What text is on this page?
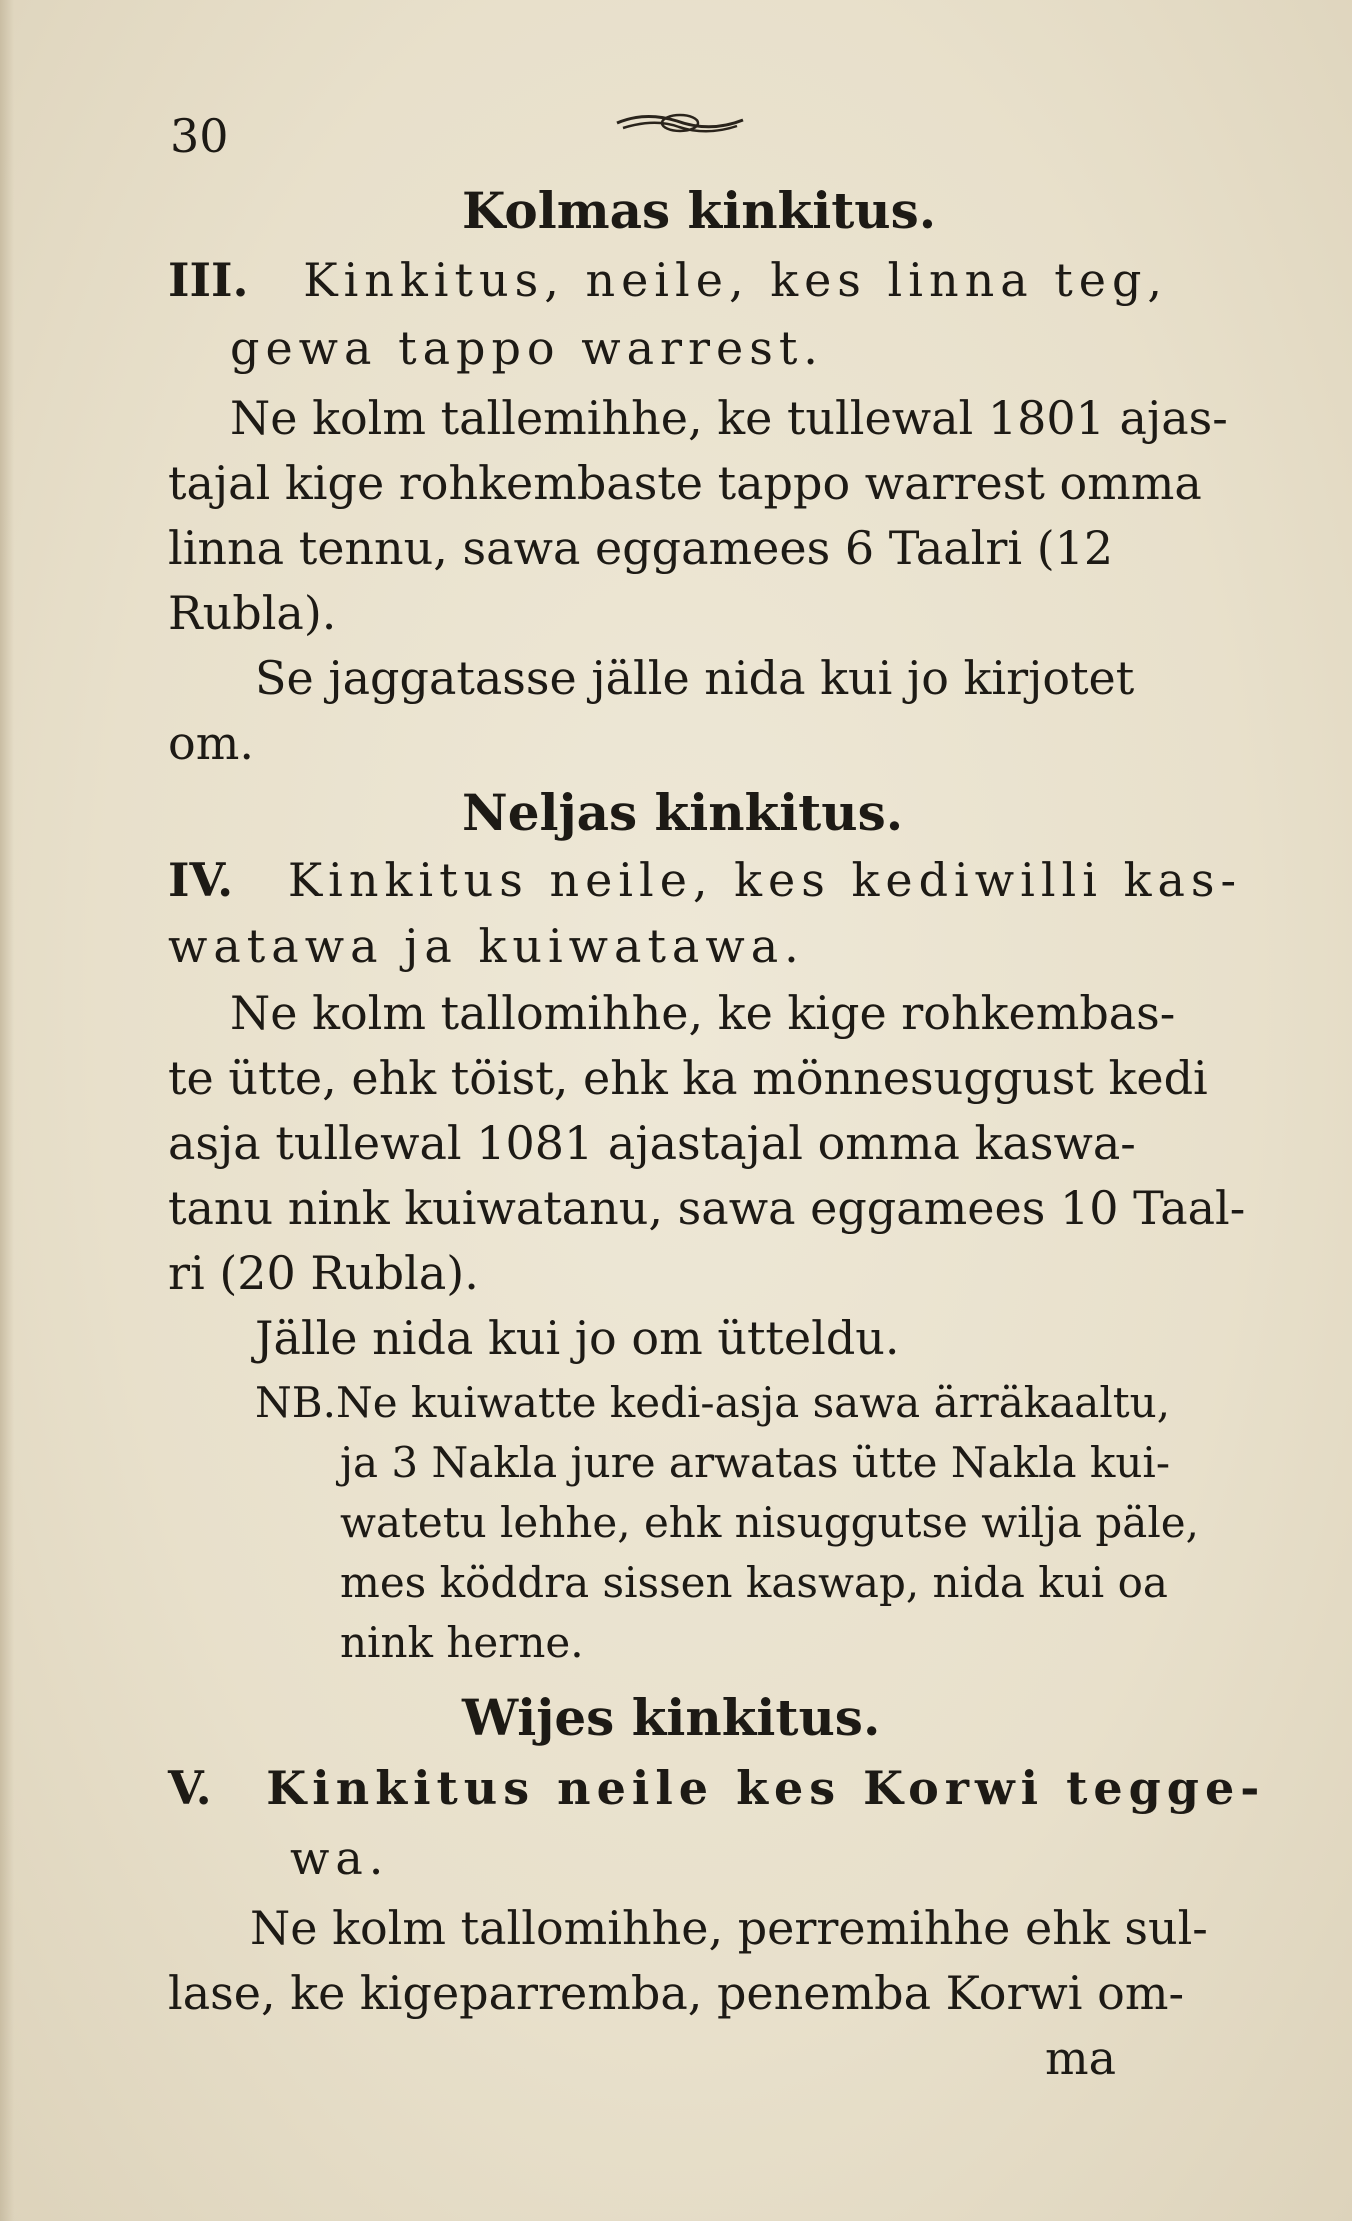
30
Kolmas kinkitus.
III. Kinkitus, neile, kes linna teg,
gewa tappo warrest.
Ne kolm tallemihhe, ke tullewal 1801 ajas-
tajal kige rohkembaste tappo warrest omma
linna tennu, sawa eggamees 6 Taalri (12
Rubla).
Se jaggatasse jälle nida kui jo kirjotet
om.
Neljas kinkitus.
IV. Kinkitus neile, kes kediwilli kas-
watawa ja kuiwatawa.
Ne kolm tallomihhe, ke kige rohkembas-
te ütte, ehk töist, ehk ka mönnesuggust kedi
asja tullewal 1081 ajastajal omma kaswa-
tanu nink kuiwatanu, sawa eggamees 10 Taal-
ri (20 Rubla).
Jälle nida kui jo om ütteldu.
NB.Ne kuiwatte kedi-asja sawa ärräkaaltu,
ja 3 Nakla jure arwatas ütte Nakla kui-
watetu lehhe, ehk nisuggutse wilja päle,
mes köddra sissen kaswap, nida kui oa
nink herne.
Wijes kinkitus.
V. Kinkitus neile kes Korwi tegge-
wa.
Ne kolm tallomihhe, perremihhe ehk sul-
lase, ke kigeparremba, penemba Korwi om-
ma
